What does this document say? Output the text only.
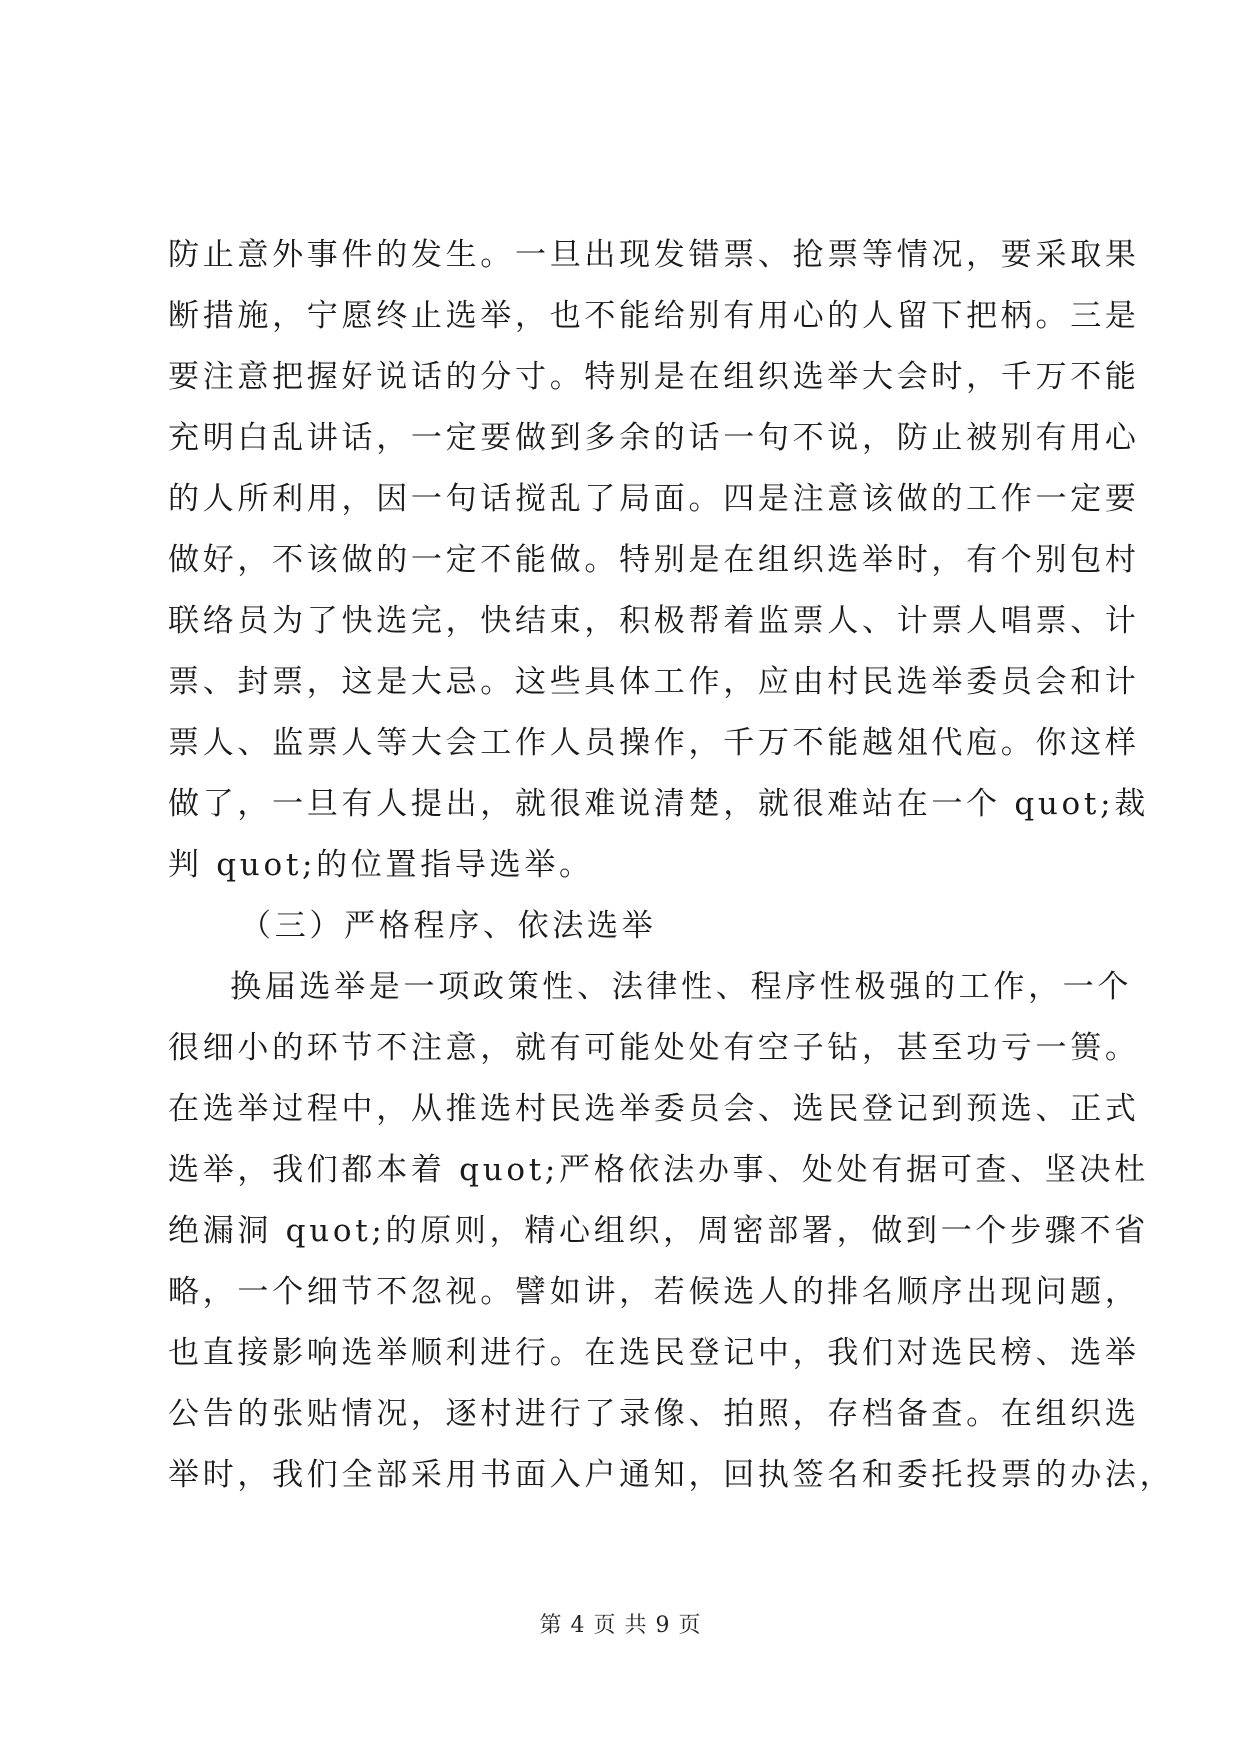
防止意外事件的发生。一旦出现发错票、抢票等情况，要采取果
断措施，宁愿终止选举，也不能给别有用心的人留下把柄。三是
要注意把握好说话的分寸。特别是在组织选举大会时，千万不能
充明白乱讲话，一定要做到多余的话一句不说，防止被别有用心
的人所利用，因一句话搅乱了局面。四是注意该做的工作一定要
做好，不该做的一定不能做。特别是在组织选举时，有个别包村
联络员为了快选完，快结束，积极帮着监票人、计票人唱票、计
票、封票，这是大忌。这些具体工作，应由村民选举委员会和计
票人、监票人等大会工作人员操作，千万不能越俎代庖。你这样
做了，一旦有人提出，就很难说清楚，就很难站在一个 quot;裁
判 quot;的位置指导选举。
（三）严格程序、依法选举
换届选举是一项政策性、法律性、程序性极强的工作，一个
很细小的环节不注意，就有可能处处有空子钻，甚至功亏一篑。
在选举过程中，从推选村民选举委员会、选民登记到预选、正式
选举，我们都本着 quot;严格依法办事、处处有据可查、坚决杜
绝漏洞 quot;的原则，精心组织，周密部署，做到一个步骤不省
略，一个细节不忽视。譬如讲，若候选人的排名顺序出现问题，
也直接影响选举顺利进行。在选民登记中，我们对选民榜、选举
公告的张贴情况，逐村进行了录像、拍照，存档备查。在组织选
举时，我们全部采用书面入户通知，回执签名和委托投票的办法，
第 4 页 共 9 页
